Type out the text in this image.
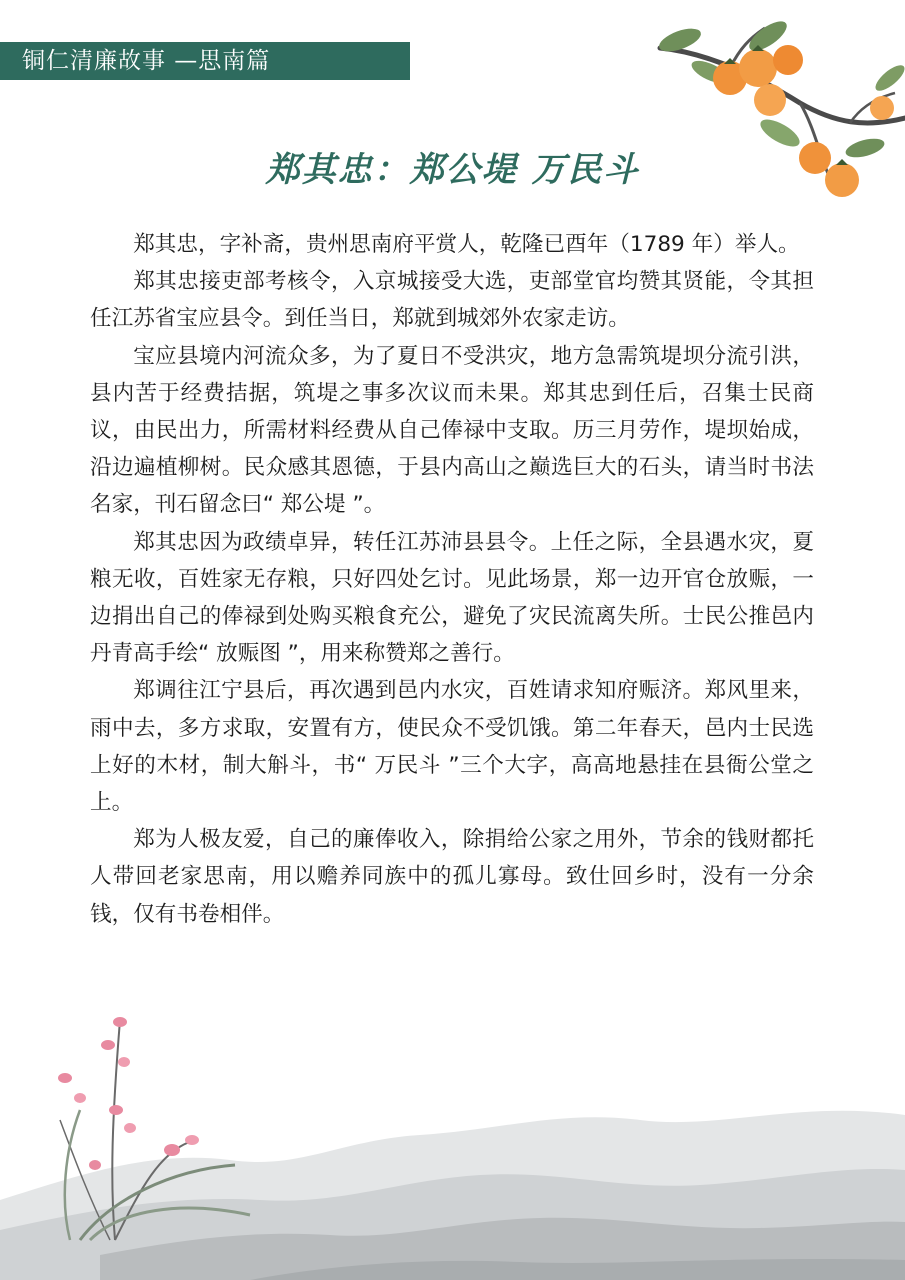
铜仁清廉故事 —思南篇
郑其忠：郑公堤 万民斗

郑其忠，字补斋，贵州思南府平赏人，乾隆已酉年（1789 年）举人。

郑其忠接吏部考核令，入京城接受大选，吏部堂官均赞其贤能，令其担任江苏省宝应县令。到任当日，郑就到城郊外农家走访。

宝应县境内河流众多，为了夏日不受洪灾，地方急需筑堤坝分流引洪，县内苦于经费拮据，筑堤之事多次议而未果。郑其忠到任后，召集士民商议，由民出力，所需材料经费从自己俸禄中支取。历三月劳作，堤坝始成，沿边遍植柳树。民众感其恩德，于县内高山之巅选巨大的石头，请当时书法名家，刊石留念曰“ 郑公堤 ”。

郑其忠因为政绩卓异，转任江苏沛县县令。上任之际，全县遇水灾，夏粮无收，百姓家无存粮，只好四处乞讨。见此场景，郑一边开官仓放赈，一边捐出自己的俸禄到处购买粮食充公，避免了灾民流离失所。士民公推邑内丹青高手绘“ 放赈图 ”，用来称赞郑之善行。

郑调往江宁县后，再次遇到邑内水灾，百姓请求知府赈济。郑风里来，雨中去，多方求取，安置有方，使民众不受饥饿。第二年春天，邑内士民选上好的木材，制大斛斗，书“ 万民斗 ”三个大字，高高地悬挂在县衙公堂之上。

郑为人极友爱，自己的廉俸收入，除捐给公家之用外，节余的钱财都托人带回老家思南，用以赡养同族中的孤儿寡母。致仕回乡时，没有一分余钱，仅有书卷相伴。
